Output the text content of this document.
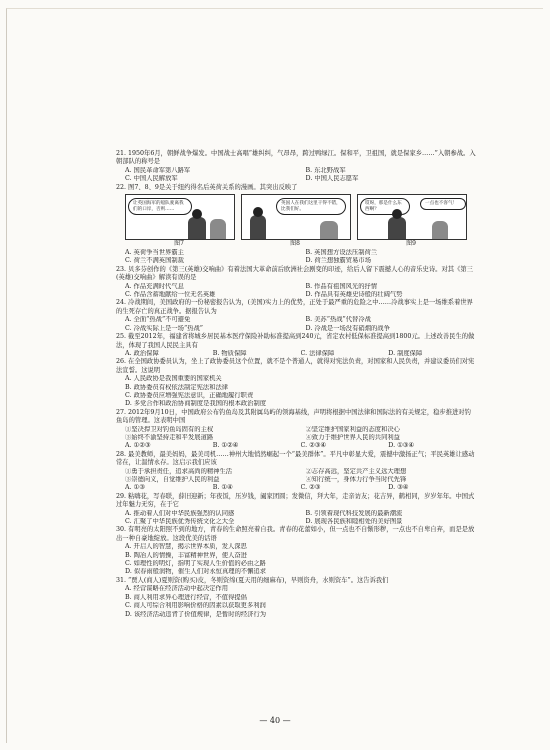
21. 1950年6月，朝鲜战争爆发。中国战士高唱“雄纠纠，气昂昂，跨过鸭绿江。保和平，卫祖国，就是保家乡……”入朝参战。入朝部队的称号是

A. 国民革命军第八路军	B. 东北野战军
C. 中国人民解放军	D. 中国人民志愿军

22. 图7、8、9是关于纽约得名后英荷关系的漫画。其突出反映了

让英国海军的船队驶离我们的口岸，否则……
图7
英国人在我们这里干得不错，比我们好。
图8
哎呀，那是什么东西啊？
一点也不客气！
图9
A. 英荷争当世界霸主	B. 英国想方设法压制荷兰
C. 荷兰不满英国制裁	D. 荷兰想独霸贸易市场

23. 贝多芬创作的《第三(英雄)交响曲》有着法国大革命前后欧洲社会剧变的印迹，给后人留下震撼人心的音乐史诗。对其《第三(英雄)交响曲》解读有误的是

A. 作品充满时代气息	B. 作品有祖国风光的抒情
C. 作品含蓄地献给一位无名英雄	D. 作品具有英雄史诗般的壮阔气势

24. 冷战期间，美国政府的一份秘密报告认为，(美国)实力上的优势，正处于最严重的危险之中……冷战事实上是一场维系着世界的生死存亡的真正战争。据报告认为

A. 全面“热战”不可避免	B. 美苏“热战”代替冷战
C. 冷战实际上是一场“热战”	D. 冷战是一场没有硝烟的战争

25. 截至2012年，福建省将城乡居民基本医疗保险补助标准提高到240元，省定农村低保标准提高到1800元。上述改善民生的做法，体现了我国人民民主具有

A. 政治保障	B. 物质保障	C. 法律保障	D. 制度保障

26. 在全国政协委员认为，坐上了政协委员这个位置，就不是个普通人，就得对宪法负责，对国家和人民负责，并建议委员们对宪法宣誓。这说明

A. 人民政协是我国重要的国家机关
B. 政协委员有权依法制定宪法和法律
C. 政协委员应增强宪法意识，正确地履行职责
D. 多党合作和政治协商制度是我国的根本政治制度

27. 2012年9月10日，中国政府公布钓鱼岛及其附属岛屿的领海基线，声明将根据中国法律和国际法的有关规定，稳步推进对钓鱼岛的管理。这表明中国

①坚决捍卫对钓鱼岛固有的主权	②坚定维护国家利益的态度和决心
③始终不渝坚持走和平发展道路	④致力于维护世界人民的共同利益
A. ①②③	B. ①②④	C. ②③④	D. ①③④

28. 最美教师，最美妈妈，最美司机……神州大地悄然崛起一个“最美群体”。平凡中彰显大爱，震撼中激扬正气；平民英雄让感动常在，让温情永存。这启示我们应该

①勇于承担责任，追求高尚的精神生活	②志存高远，坚定共产主义远大理想
③崇德向义，自觉维护人民的利益	④知行统一，身体力行争当时代先锋
A. ①③	B. ①④	C. ②③	D. ③④

29. 粘嗨花，写春联，薛旧迎新；年夜饭，压岁钱，阖家团圆；发微信，拜大年，走亲访友；花吉异，鹤相同，岁岁年年。中国式过年魅力无穷，在于它

A. 推动着人们对中华民族强烈的认同感	B. 引领着现代科技发展的最新潮流
C. 汇聚了中华民族优秀传统文化之大全	D. 展现各民族和睦相处的美好图景

30. 有明亮的太阳照不到的地方，青春的生命照亮着自我。青春的花蕾如小，但一点也不自惭形秽，一点也不自卑自弃，而是是放出一种自豪地绽放。这段优美的话语

A. 开启人的智慧，揭示世界本质，发人深思
B. 陶冶人的情操，丰富精神世界，使人奋进
C. 如理性的明灯，指明了实现人生价值的必由之路
D. 似春雨般润物，催生人们对永恒真理的不懈追求

31. “贾人(商人)夏则资(购买)皮，冬则资绵(夏天用的细麻布)，早则资舟，水则资车”。这告诉我们

A. 经营谋略在经济活动中起决定作用
B. 商人利用求异心理进行经营，不值得提倡
C. 商人可综合利用影响价格的因素以获取更多利润
D. 该经济活动违背了价值规律，是暂时的经济行为
— 40 —
